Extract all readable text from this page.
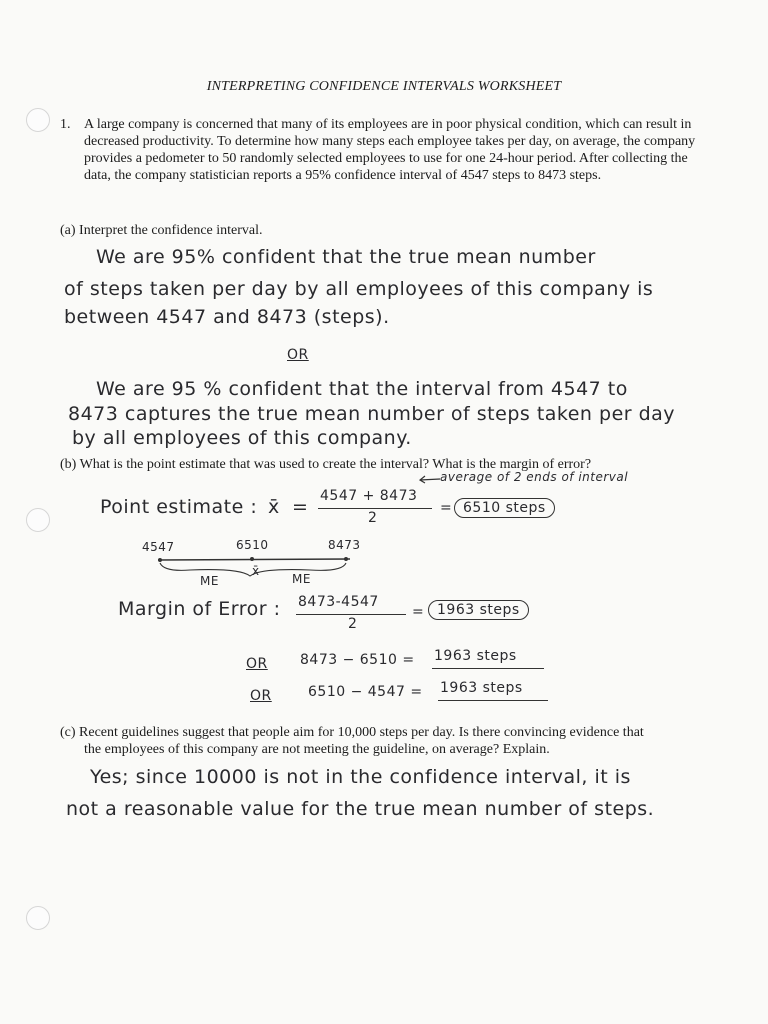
INTERPRETING CONFIDENCE INTERVALS WORKSHEET
1. A large company is concerned that many of its employees are in poor physical condition, which can result in decreased productivity. To determine how many steps each employee takes per day, on average, the company provides a pedometer to 50 randomly selected employees to use for one 24-hour period. After collecting the data, the company statistician reports a 95% confidence interval of 4547 steps to 8473 steps.
(a) Interpret the confidence interval.
We are 95% confident that the true mean number
of steps taken per day by all employees of this company is
between 4547 and 8473 (steps).
OR
We are 95 % confident that the interval from 4547 to
8473 captures the true mean number of steps taken per day
by all employees of this company.
(b) What is the point estimate that was used to create the interval? What is the margin of error?
average of 2 ends of interval
Point estimate : x̄ = 4547 + 8473
2
= 6510 steps
4547	6510	8473
x̄
ME	ME
Margin of Error : 8473-4547
2
= 1963 steps
OR 8473 − 6510 = 1963 steps
OR	6510 − 4547 = 1963 steps
(c) Recent guidelines suggest that people aim for 10,000 steps per day. Is there convincing evidence that
the employees of this company are not meeting the guideline, on average? Explain.
Yes; since 10000 is not in the confidence interval, it is
not a reasonable value for the true mean number of steps.
